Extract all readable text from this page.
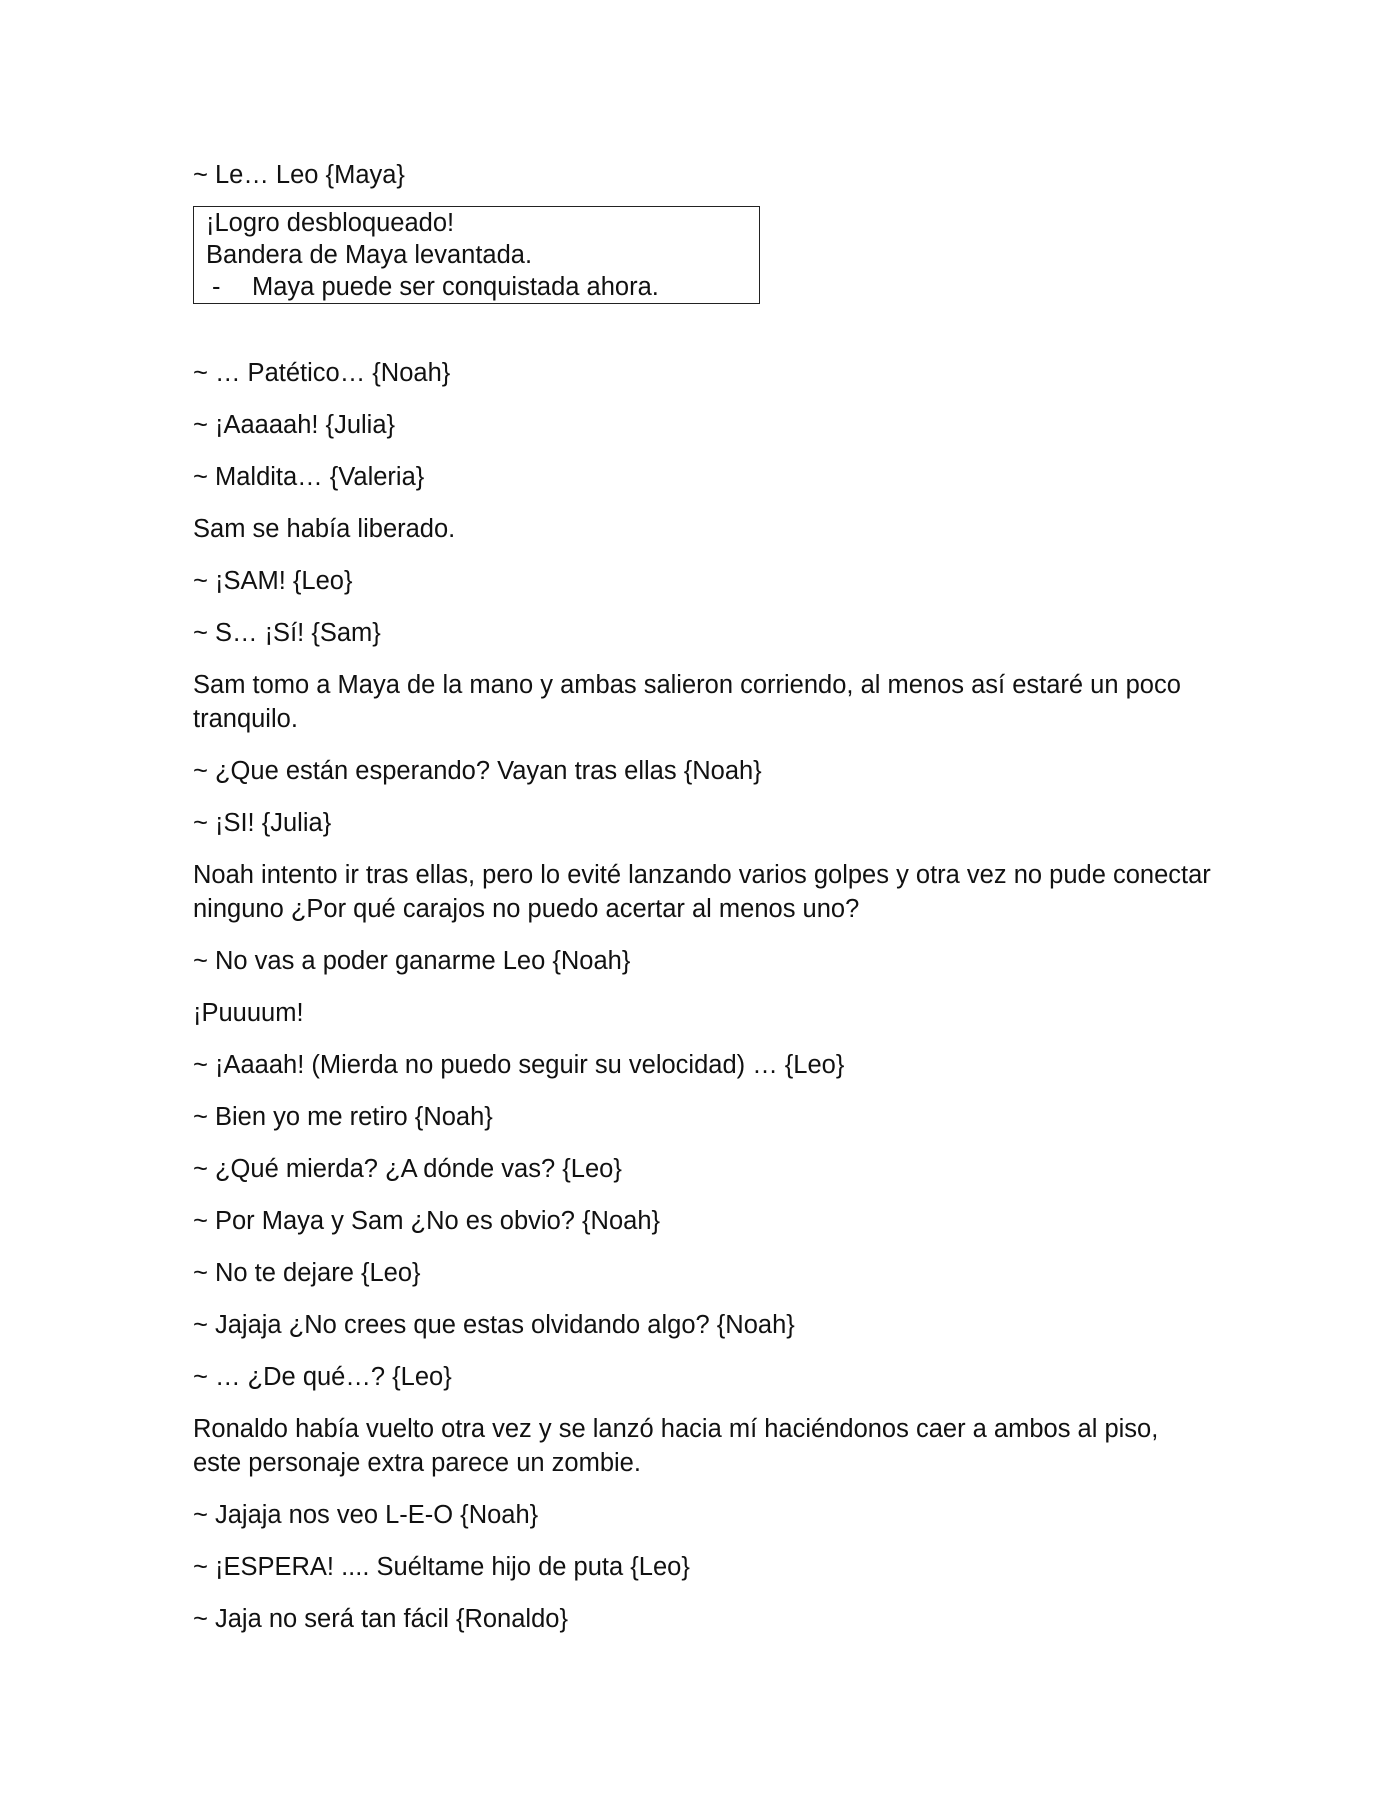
~ Le… Leo {Maya}
¡Logro desbloqueado!
Bandera de Maya levantada.
-	Maya puede ser conquistada ahora.
~ … Patético… {Noah}
~ ¡Aaaaah! {Julia}
~ Maldita… {Valeria}
Sam se había liberado.
~ ¡SAM! {Leo}
~ S… ¡Sí! {Sam}
Sam tomo a Maya de la mano y ambas salieron corriendo, al menos así estaré un poco tranquilo.
~ ¿Que están esperando? Vayan tras ellas {Noah}
~ ¡SI! {Julia}
Noah intento ir tras ellas, pero lo evité lanzando varios golpes y otra vez no pude conectar ninguno ¿Por qué carajos no puedo acertar al menos uno?
~ No vas a poder ganarme Leo {Noah}
¡Puuuum!
~ ¡Aaaah! (Mierda no puedo seguir su velocidad) … {Leo}
~ Bien yo me retiro {Noah}
~ ¿Qué mierda? ¿A dónde vas? {Leo}
~ Por Maya y Sam ¿No es obvio? {Noah}
~ No te dejare {Leo}
~ Jajaja ¿No crees que estas olvidando algo? {Noah}
~ … ¿De qué…? {Leo}
Ronaldo había vuelto otra vez y se lanzó hacia mí haciéndonos caer a ambos al piso, este personaje extra parece un zombie.
~ Jajaja nos veo L-E-O {Noah}
~ ¡ESPERA! .... Suéltame hijo de puta {Leo}
~ Jaja no será tan fácil {Ronaldo}
